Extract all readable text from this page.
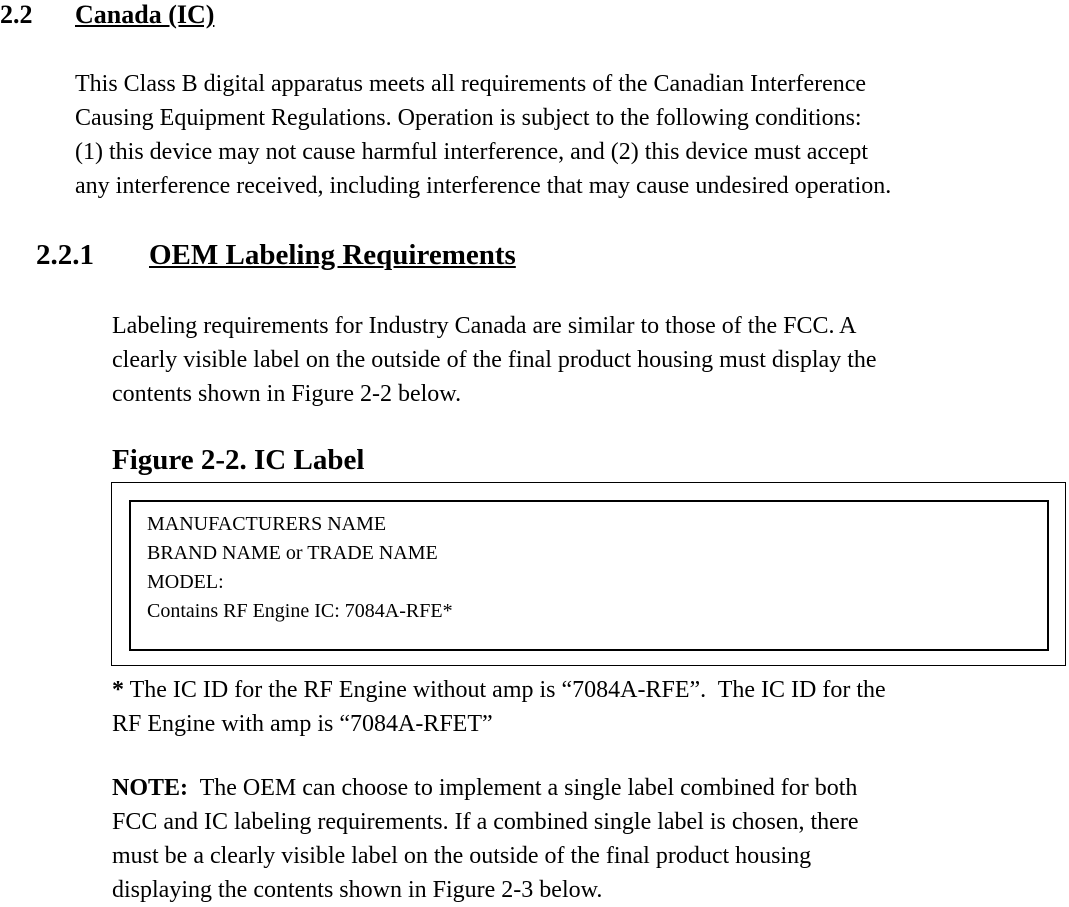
2.2 Canada (IC)
This Class B digital apparatus meets all requirements of the Canadian Interference
Causing Equipment Regulations. Operation is subject to the following conditions:
(1) this device may not cause harmful interference, and (2) this device must accept
any interference received, including interference that may cause undesired operation.
2.2.1 OEM Labeling Requirements
Labeling requirements for Industry Canada are similar to those of the FCC. A
clearly visible label on the outside of the final product housing must display the
contents shown in Figure 2-2 below.
Figure 2-2. IC Label
MANUFACTURERS NAME
BRAND NAME or TRADE NAME
MODEL:
Contains RF Engine IC: 7084A-RFE*
* The IC ID for the RF Engine without amp is “7084A-RFE”.  The IC ID for the
RF Engine with amp is “7084A-RFET”
NOTE:  The OEM can choose to implement a single label combined for both
FCC and IC labeling requirements. If a combined single label is chosen, there
must be a clearly visible label on the outside of the final product housing
displaying the contents shown in Figure 2-3 below.
